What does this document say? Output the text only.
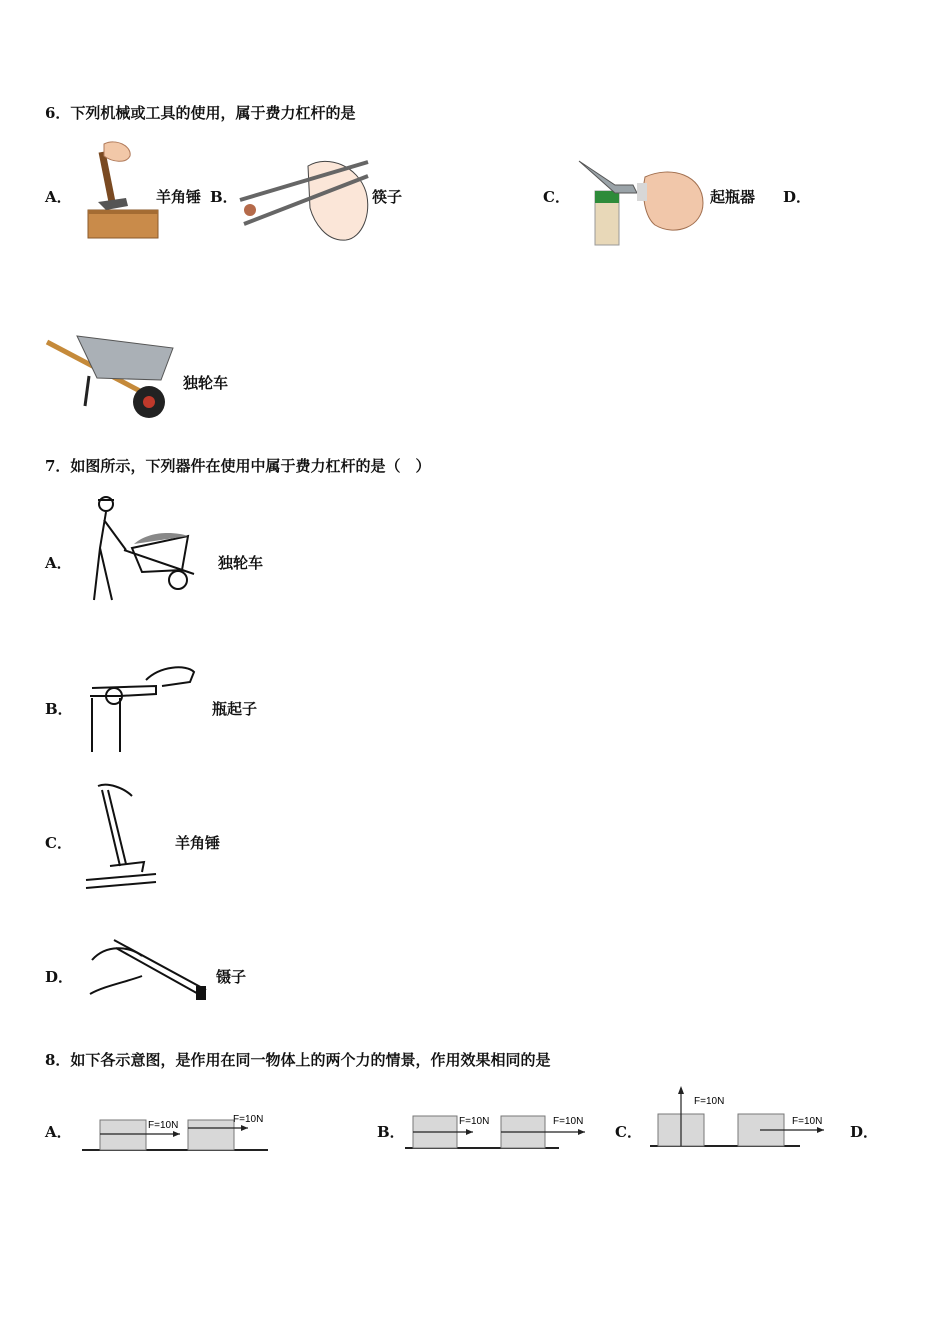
6．下列机械或工具的使用，属于费力杠杆的是
A．	羊角锤 B．	筷子	C．	起瓶器 D．
独轮车
7．如图所示，下列器件在使用中属于费力杠杆的是（　）
A．	独轮车
B．	瓶起子
C．	羊角锤
D．	镊子
8．如下各示意图，是作用在同一物体上的两个力的情景，作用效果相同的是
A．	F=10N
F=10N
B．
F=10N	F=10N
C．
F=10N
F=10N
D．
